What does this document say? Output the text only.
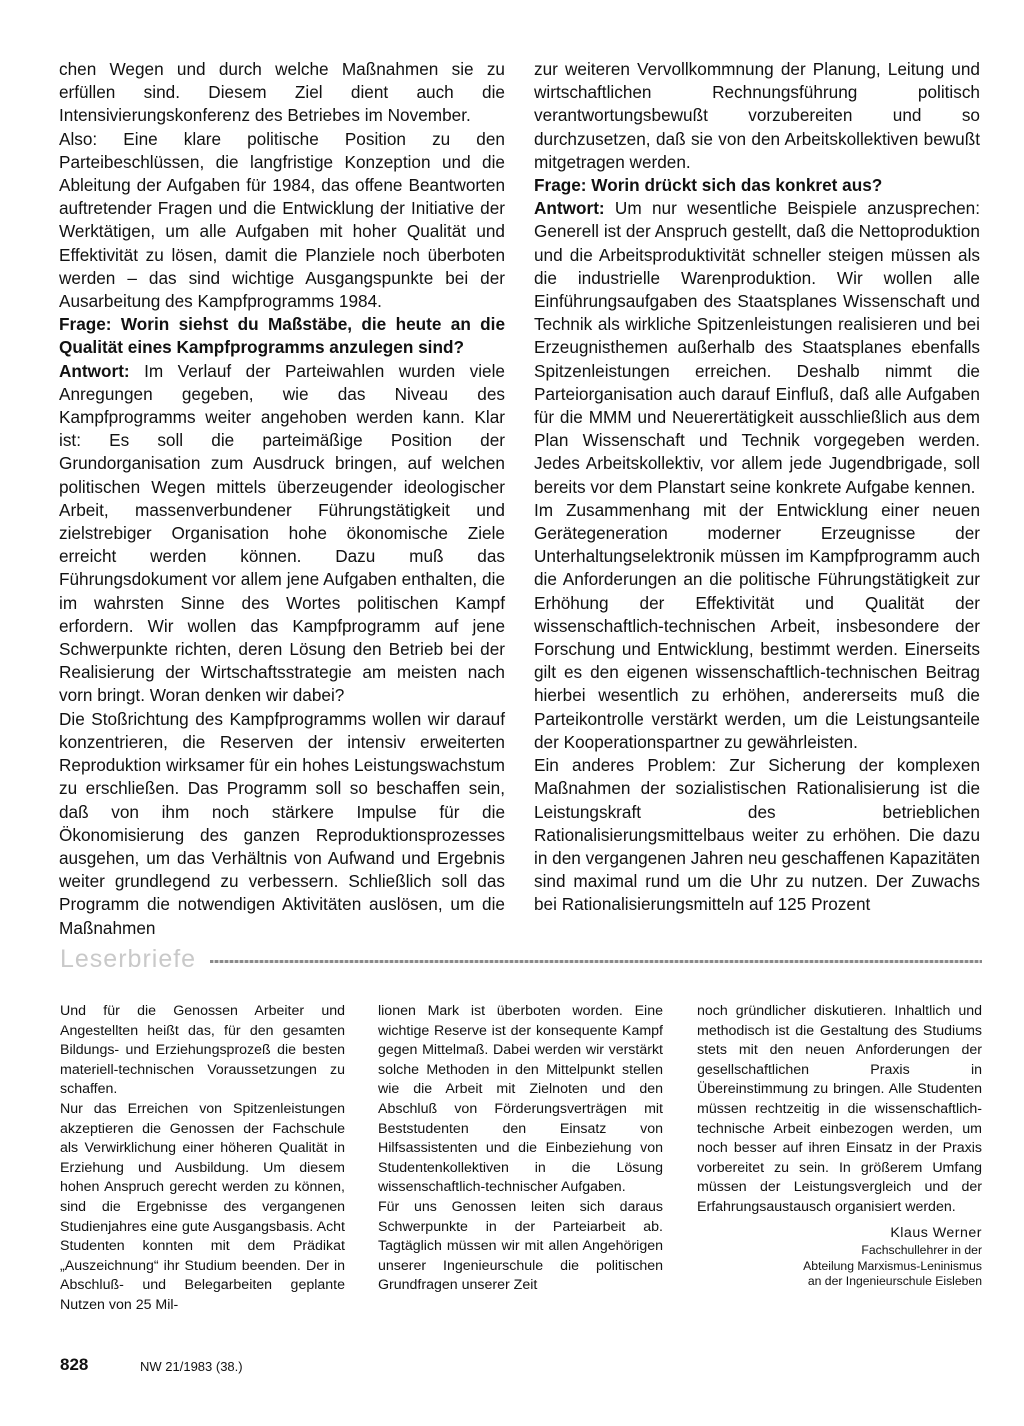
chen Wegen und durch welche Maßnahmen sie zu erfüllen sind. Diesem Ziel dient auch die Intensivierungskonferenz des Betriebes im November.

Also: Eine klare politische Position zu den Parteibeschlüssen, die langfristige Konzeption und die Ableitung der Aufgaben für 1984, das offene Beantworten auftretender Fragen und die Entwicklung der Initiative der Werktätigen, um alle Aufgaben mit hoher Qualität und Effektivität zu lösen, damit die Planziele noch überboten werden – das sind wichtige Ausgangspunkte bei der Ausarbeitung des Kampfprogramms 1984.

Frage: Worin siehst du Maßstäbe, die heute an die Qualität eines Kampfprogramms anzulegen sind?

Antwort: Im Verlauf der Parteiwahlen wurden viele Anregungen gegeben, wie das Niveau des Kampfprogramms weiter angehoben werden kann. Klar ist: Es soll die parteimäßige Position der Grundorganisation zum Ausdruck bringen, auf welchen politischen Wegen mittels überzeugender ideologischer Arbeit, massenverbundener Führungstätigkeit und zielstrebiger Organisation hohe ökonomische Ziele erreicht werden können. Dazu muß das Führungsdokument vor allem jene Aufgaben enthalten, die im wahrsten Sinne des Wortes politischen Kampf erfordern. Wir wollen das Kampfprogramm auf jene Schwerpunkte richten, deren Lösung den Betrieb bei der Realisierung der Wirtschaftsstrategie am meisten nach vorn bringt. Woran denken wir dabei?

Die Stoßrichtung des Kampfprogramms wollen wir darauf konzentrieren, die Reserven der intensiv erweiterten Reproduktion wirksamer für ein hohes Leistungswachstum zu erschließen. Das Programm soll so beschaffen sein, daß von ihm noch stärkere Impulse für die Ökonomisierung des ganzen Reproduktionsprozesses ausgehen, um das Verhältnis von Aufwand und Ergebnis weiter grundlegend zu verbessern. Schließlich soll das Programm die notwendigen Aktivitäten auslösen, um die Maßnahmen

zur weiteren Vervollkommnung der Planung, Leitung und wirtschaftlichen Rechnungsführung politisch verantwortungsbewußt vorzubereiten und so durchzusetzen, daß sie von den Arbeitskollektiven bewußt mitgetragen werden.

Frage: Worin drückt sich das konkret aus?

Antwort: Um nur wesentliche Beispiele anzusprechen: Generell ist der Anspruch gestellt, daß die Nettoproduktion und die Arbeitsproduktivität schneller steigen müssen als die industrielle Warenproduktion. Wir wollen alle Einführungsaufgaben des Staatsplanes Wissenschaft und Technik als wirkliche Spitzenleistungen realisieren und bei Erzeugnisthemen außerhalb des Staatsplanes ebenfalls Spitzenleistungen erreichen. Deshalb nimmt die Parteiorganisation auch darauf Einfluß, daß alle Aufgaben für die MMM und Neuerertätigkeit ausschließlich aus dem Plan Wissenschaft und Technik vorgegeben werden. Jedes Arbeitskollektiv, vor allem jede Jugendbrigade, soll bereits vor dem Planstart seine konkrete Aufgabe kennen.

Im Zusammenhang mit der Entwicklung einer neuen Gerätegeneration moderner Erzeugnisse der Unterhaltungselektronik müssen im Kampfprogramm auch die Anforderungen an die politische Führungstätigkeit zur Erhöhung der Effektivität und Qualität der wissenschaftlich-technischen Arbeit, insbesondere der Forschung und Entwicklung, bestimmt werden. Einerseits gilt es den eigenen wissenschaftlich-technischen Beitrag hierbei wesentlich zu erhöhen, andererseits muß die Parteikontrolle verstärkt werden, um die Leistungsanteile der Kooperationspartner zu gewährleisten.

Ein anderes Problem: Zur Sicherung der komplexen Maßnahmen der sozialistischen Rationalisierung ist die Leistungskraft des betrieblichen Rationalisierungsmittelbaus weiter zu erhöhen. Die dazu in den vergangenen Jahren neu geschaffenen Kapazitäten sind maximal rund um die Uhr zu nutzen. Der Zuwachs bei Rationalisierungsmitteln auf 125 Prozent

Leserbriefe

Und für die Genossen Arbeiter und Angestellten heißt das, für den gesamten Bildungs- und Erziehungsprozeß die besten materiell-technischen Voraussetzungen zu schaffen.

Nur das Erreichen von Spitzenleistungen akzeptieren die Genossen der Fachschule als Verwirklichung einer höheren Qualität in Erziehung und Ausbildung. Um diesem hohen Anspruch gerecht werden zu können, sind die Ergebnisse des vergangenen Studienjahres eine gute Ausgangsbasis. Acht Studenten konnten mit dem Prädikat „Auszeichnung“ ihr Studium beenden. Der in Abschluß- und Belegarbeiten geplante Nutzen von 25 Mil-

lionen Mark ist überboten worden. Eine wichtige Reserve ist der konsequente Kampf gegen Mittelmaß. Dabei werden wir verstärkt solche Methoden in den Mittelpunkt stellen wie die Arbeit mit Zielnoten und den Abschluß von Förderungsverträgen mit Beststudenten den Einsatz von Hilfsassistenten und die Einbeziehung von Studentenkollektiven in die Lösung wissenschaftlich-technischer Aufgaben.

Für uns Genossen leiten sich daraus Schwerpunkte in der Parteiarbeit ab. Tagtäglich müssen wir mit allen Angehörigen unserer Ingenieurschule die politischen Grundfragen unserer Zeit

noch gründlicher diskutieren. Inhaltlich und methodisch ist die Gestaltung des Studiums stets mit den neuen Anforderungen der gesellschaftlichen Praxis in Übereinstimmung zu bringen. Alle Studenten müssen rechtzeitig in die wissenschaftlich-technische Arbeit einbezogen werden, um noch besser auf ihren Einsatz in der Praxis vorbereitet zu sein. In größerem Umfang müssen der Leistungsvergleich und der Erfahrungsaustausch organisiert werden.

Klaus Werner

Fachschullehrer in der

Abteilung Marxismus-Leninismus

an der Ingenieurschule Eisleben

828	NW 21/1983 (38.)
